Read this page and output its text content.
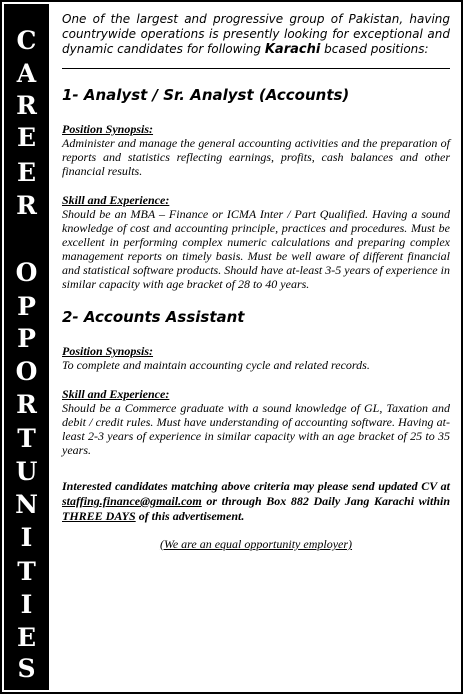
C
A
R
E
E
R
O
P
P
O
R
T
U
N
I
T
I
E
S

One of the largest and progressive group of Pakistan, having countrywide operations is presently looking for exceptional and dynamic candidates for following Karachi bcased positions:

1- Analyst / Sr. Analyst (Accounts)

Position Synopsis:

Administer and manage the general accounting activities and the preparation of reports and statistics reflecting earnings, profits, cash balances and other financial results.

Skill and Experience:

Should be an MBA – Finance or ICMA Inter / Part Qualified. Having a sound knowledge of cost and accounting principle, practices and procedures. Must be excellent in performing complex numeric calculations and preparing complex management reports on timely basis. Must be well aware of different financial and statistical software products. Should have at-least 3-5 years of experience in similar capacity with age bracket of 28 to 40 years.

2- Accounts Assistant

Position Synopsis:

To complete and maintain accounting cycle and related records.

Skill and Experience:

Should be a Commerce graduate with a sound knowledge of GL, Taxation and debit / credit rules. Must have understanding of accounting software. Having at-least 2-3 years of experience in similar capacity with an age bracket of 25 to 35 years.

Interested candidates matching above criteria may please send updated CV at staffing.finance@gmail.com or through Box 882 Daily Jang Karachi within THREE DAYS of this advertisement.

(We are an equal opportunity employer)
